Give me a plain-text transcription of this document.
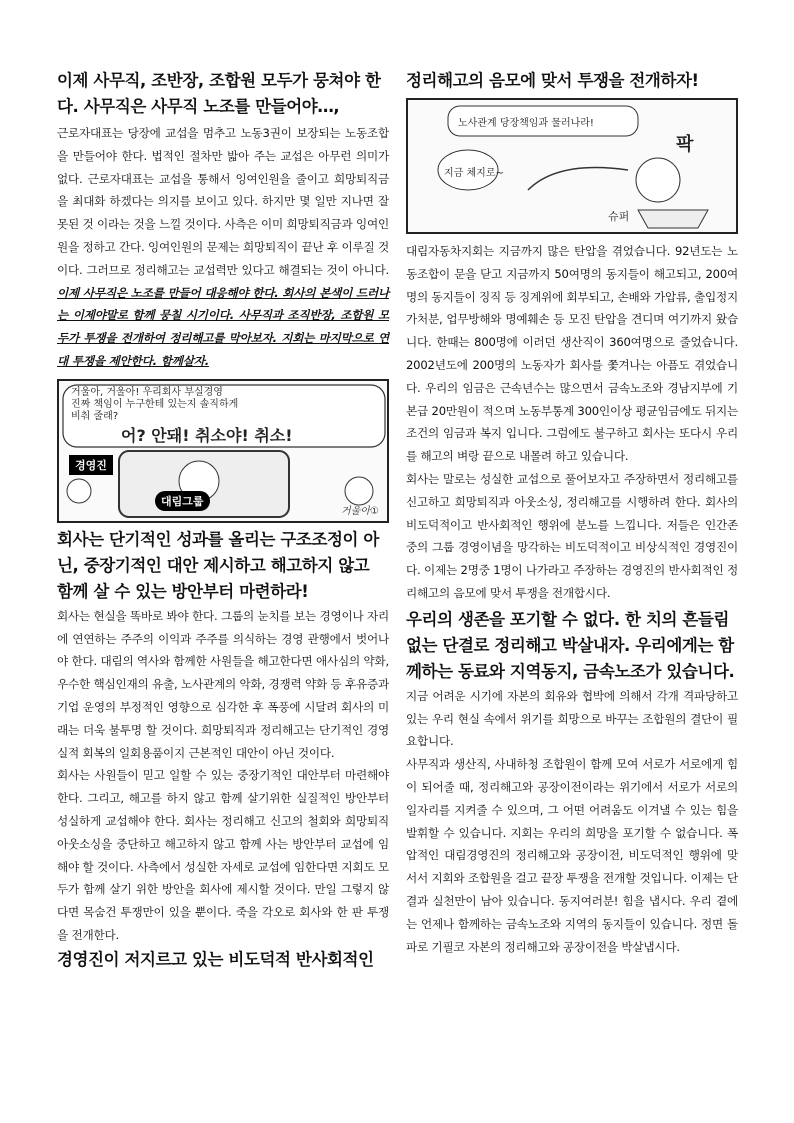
이제 사무직, 조반장, 조합원 모두가 뭉쳐야 한다. 사무직은 사무직 노조를 만들어야…,

근로자대표는 당장에 교섭을 멈추고 노동3권이 보장되는 노동조합을 만들어야 한다. 법적인 절차만 밟아 주는 교섭은 아무런 의미가 없다. 근로자대표는 교섭을 통해서 잉여인원을 줄이고 희망퇴직금을 최대화 하겠다는 의지를 보이고 있다. 하지만 몇 일만 지나면 잘못된 것 이라는 것을 느낄 것이다. 사측은 이미 희망퇴직금과 잉여인원을 정하고 간다. 잉여인원의 문제는 희망퇴직이 끝난 후 이루질 것이다. 그러므로 정리해고는 교섭력만 있다고 해결되는 것이 아니다. 이제 사무직은 노조를 만들어 대응해야 한다. 회사의 본색이 드러나는 이제야말로 함께 뭉칠 시기이다. 사무직과 조직반장, 조합원 모두가 투쟁을 전개하여 정리해고를 막아보자. 지회는 마지막으로 연대 투쟁을 제안한다. 함께살자.

거울아, 거울아! 우리회사 부실경영
진짜 책임이 누구한테 있는지 솔직하게
비춰 줄래?
어? 안돼! 취소야! 취소!
경영진
대림그룹
거울아①

회사는 단기적인 성과를 올리는 구조조정이 아닌, 중장기적인 대안 제시하고 해고하지 않고 함께 살 수 있는 방안부터 마련하라!

회사는 현실을 똑바로 봐야 한다. 그룹의 눈치를 보는 경영이나 자리에 연연하는 주주의 이익과 주주를 의식하는 경영 관행에서 벗어나야 한다. 대림의 역사와 함께한 사원들을 해고한다면 애사심의 약화, 우수한 핵심인재의 유출, 노사관계의 악화, 경쟁력 약화 등 후유증과 기업 운영의 부정적인 영향으로 심각한 후 폭풍에 시달려 회사의 미래는 더욱 불투명 할 것이다. 희망퇴직과 정리해고는 단기적인 경영실적 회복의 일회용품이지 근본적인 대안이 아닌 것이다.

회사는 사원들이 믿고 일할 수 있는 중장기적인 대안부터 마련해야 한다. 그리고, 해고를 하지 않고 함께 살기위한 실질적인 방안부터 성실하게 교섭해야 한다. 회사는 정리해고 신고의 철회와 희망퇴직 아웃소싱을 중단하고 해고하지 않고 함께 사는 방안부터 교섭에 임해야 할 것이다. 사측에서 성실한 자세로 교섭에 임한다면 지회도 모두가 함께 살기 위한 방안을 회사에 제시할 것이다. 만일 그렇지 않다면 목숨건 투쟁만이 있을 뿐이다. 죽을 각오로 회사와 한 판 투쟁을 전개한다.

경영진이 저지르고 있는 비도덕적 반사회적인

정리해고의 음모에 맞서 투쟁을 전개하자!

노사관계 당장책임과 물러나라!
지금 체지로~
팍
슈퍼

대림자동차지회는 지금까지 많은 탄압을 겪었습니다. 92년도는 노동조합이 문을 닫고 지금까지 50여명의 동지들이 해고되고, 200여명의 동지들이 징직 등 징계위에 회부되고, 손배와 가압류, 출입정지가처분, 업무방해와 명예훼손 등 모진 탄압을 견디며 여기까지 왔습니다. 한때는 800명에 이러던 생산직이 360여명으로 줄었습니다. 2002년도에 200명의 노동자가 회사를 쫓겨나는 아픔도 겪었습니다. 우리의 임금은 근속년수는 많으면서 금속노조와 경남지부에 기본급 20만원이 적으며 노동부통계 300인이상 평균임금에도 뒤지는 조건의 임금과 복지 입니다. 그럼에도 불구하고 회사는 또다시 우리를 해고의 벼랑 끝으로 내몰려 하고 있습니다.

회사는 말로는 성실한 교섭으로 풀어보자고 주장하면서 정리해고를 신고하고 희망퇴직과 아웃소싱, 정리해고를 시행하려 한다. 회사의 비도덕적이고 반사회적인 행위에 분노를 느낍니다. 저들은 인간존중의 그룹 경영이념을 망각하는 비도덕적이고 비상식적인 경영진이다. 이제는 2명중 1명이 나가라고 주장하는 경영진의 반사회적인 정리해고의 음모에 맞서 투쟁을 전개합시다.

우리의 생존을 포기할 수 없다. 한 치의 흔들림 없는 단결로 정리해고 박살내자. 우리에게는 함께하는 동료와 지역동지, 금속노조가 있습니다.

지금 어려운 시기에 자본의 회유와 협박에 의해서 각개 격파당하고 있는 우리 현실 속에서 위기를 희망으로 바꾸는 조합원의 결단이 필요합니다.

사무직과 생산직, 사내하청 조합원이 함께 모여 서로가 서로에게 힘이 되어줄 때, 정리해고와 공장이전이라는 위기에서 서로가 서로의 일자리를 지켜줄 수 있으며, 그 어떤 어려움도 이겨낼 수 있는 힘을 발휘할 수 있습니다. 지회는 우리의 희망을 포기할 수 없습니다. 폭압적인 대림경영진의 정리해고와 공장이전, 비도덕적인 행위에 맞서서 지회와 조합원을 걸고 끝장 투쟁을 전개할 것입니다. 이제는 단결과 실천만이 남아 있습니다. 동지여러분! 힘을 냅시다. 우리 곁에는 언제나 함께하는 금속노조와 지역의 동지들이 있습니다. 정면 돌파로 기필코 자본의 정리해고와 공장이전을 박살냅시다.
